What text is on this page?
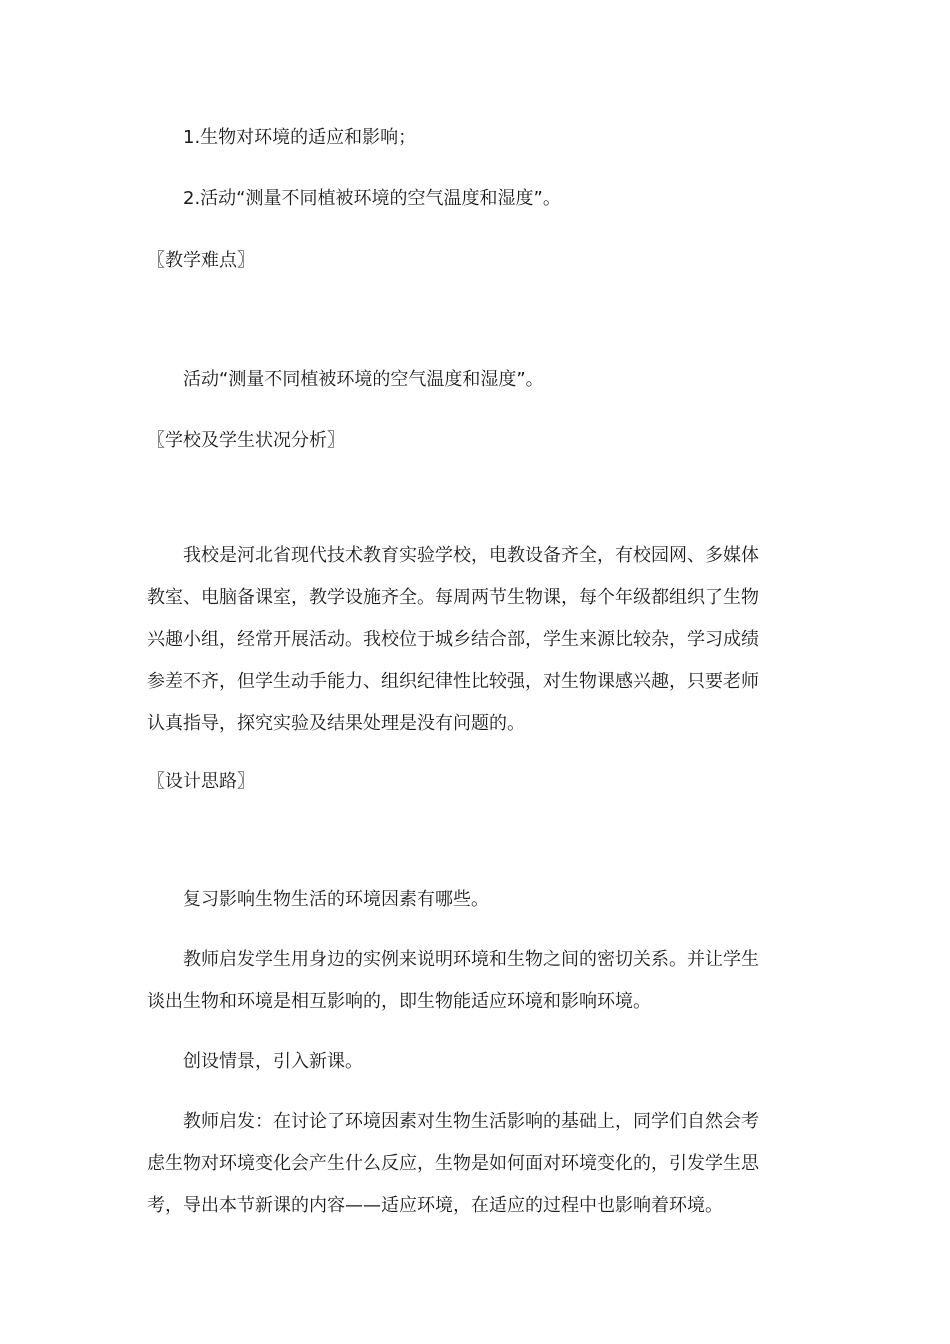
1.生物对环境的适应和影响；
2.活动“测量不同植被环境的空气温度和湿度”。
〖教学难点〗
活动“测量不同植被环境的空气温度和湿度”。
〖学校及学生状况分析〗
我校是河北省现代技术教育实验学校，电教设备齐全，有校园网、多媒体
教室、电脑备课室，教学设施齐全。每周两节生物课，每个年级都组织了生物
兴趣小组，经常开展活动。我校位于城乡结合部，学生来源比较杂，学习成绩
参差不齐，但学生动手能力、组织纪律性比较强，对生物课感兴趣，只要老师
认真指导，探究实验及结果处理是没有问题的。
〖设计思路〗
复习影响生物生活的环境因素有哪些。
教师启发学生用身边的实例来说明环境和生物之间的密切关系。并让学生
谈出生物和环境是相互影响的，即生物能适应环境和影响环境。
创设情景，引入新课。
教师启发：在讨论了环境因素对生物生活影响的基础上，同学们自然会考
虑生物对环境变化会产生什么反应，生物是如何面对环境变化的，引发学生思
考，导出本节新课的内容——适应环境，在适应的过程中也影响着环境。
